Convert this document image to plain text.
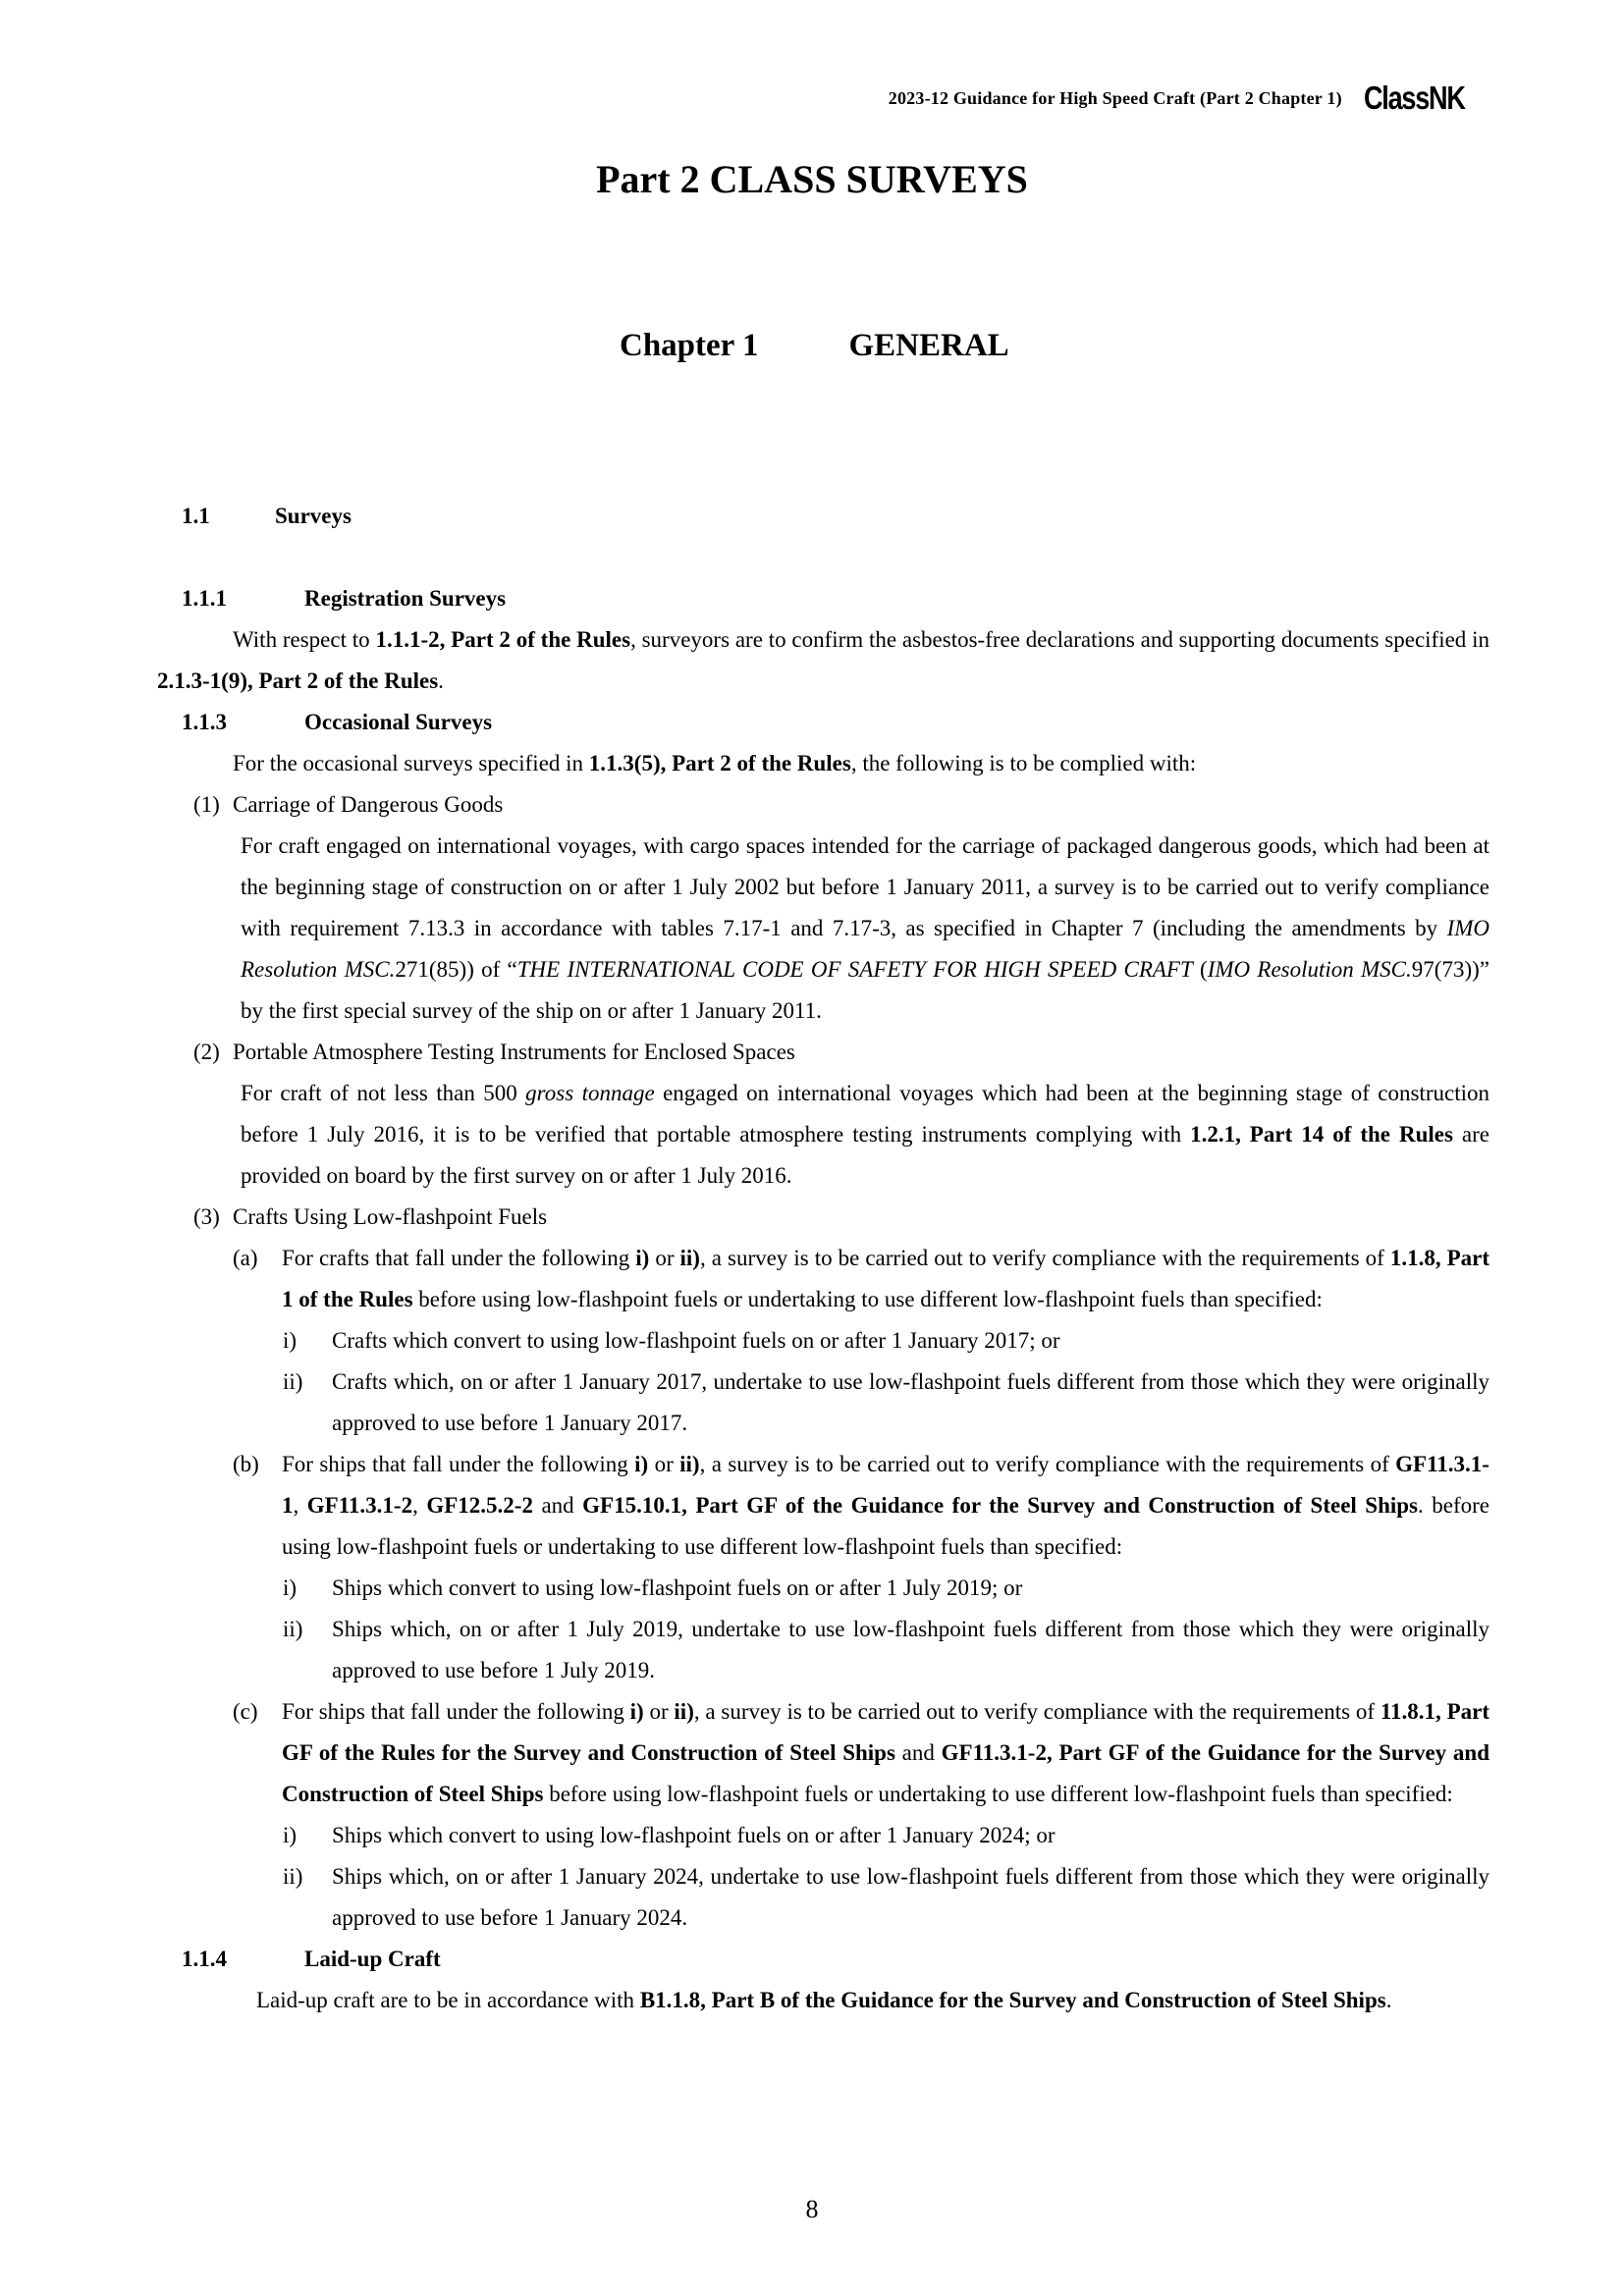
2023-12 Guidance for High Speed Craft (Part 2 Chapter 1) ClassNK
Part 2 CLASS SURVEYS
Chapter 1	GENERAL
1.1	Surveys
1.1.1	Registration Surveys
With respect to 1.1.1-2, Part 2 of the Rules, surveyors are to confirm the asbestos-free declarations and supporting documents specified in 2.1.3-1(9), Part 2 of the Rules.
1.1.3	Occasional Surveys
For the occasional surveys specified in 1.1.3(5), Part 2 of the Rules, the following is to be complied with:
(1) Carriage of Dangerous Goods
For craft engaged on international voyages, with cargo spaces intended for the carriage of packaged dangerous goods, which had been at the beginning stage of construction on or after 1 July 2002 but before 1 January 2011, a survey is to be carried out to verify compliance with requirement 7.13.3 in accordance with tables 7.17-1 and 7.17-3, as specified in Chapter 7 (including the amendments by IMO Resolution MSC.271(85)) of “THE INTERNATIONAL CODE OF SAFETY FOR HIGH SPEED CRAFT (IMO Resolution MSC.97(73))” by the first special survey of the ship on or after 1 January 2011.
(2) Portable Atmosphere Testing Instruments for Enclosed Spaces
For craft of not less than 500 gross tonnage engaged on international voyages which had been at the beginning stage of construction before 1 July 2016, it is to be verified that portable atmosphere testing instruments complying with 1.2.1, Part 14 of the Rules are provided on board by the first survey on or after 1 July 2016.
(3) Crafts Using Low-flashpoint Fuels
(a) For crafts that fall under the following i) or ii), a survey is to be carried out to verify compliance with the requirements of 1.1.8, Part 1 of the Rules before using low-flashpoint fuels or undertaking to use different low-flashpoint fuels than specified:
i) Crafts which convert to using low-flashpoint fuels on or after 1 January 2017; or
ii) Crafts which, on or after 1 January 2017, undertake to use low-flashpoint fuels different from those which they were originally approved to use before 1 January 2017.
(b) For ships that fall under the following i) or ii), a survey is to be carried out to verify compliance with the requirements of GF11.3.1-1, GF11.3.1-2, GF12.5.2-2 and GF15.10.1, Part GF of the Guidance for the Survey and Construction of Steel Ships. before using low-flashpoint fuels or undertaking to use different low-flashpoint fuels than specified:
i) Ships which convert to using low-flashpoint fuels on or after 1 July 2019; or
ii) Ships which, on or after 1 July 2019, undertake to use low-flashpoint fuels different from those which they were originally approved to use before 1 July 2019.
(c) For ships that fall under the following i) or ii), a survey is to be carried out to verify compliance with the requirements of 11.8.1, Part GF of the Rules for the Survey and Construction of Steel Ships and GF11.3.1-2, Part GF of the Guidance for the Survey and Construction of Steel Ships before using low-flashpoint fuels or undertaking to use different low-flashpoint fuels than specified:
i) Ships which convert to using low-flashpoint fuels on or after 1 January 2024; or
ii) Ships which, on or after 1 January 2024, undertake to use low-flashpoint fuels different from those which they were originally approved to use before 1 January 2024.
1.1.4	Laid-up Craft
Laid-up craft are to be in accordance with B1.1.8, Part B of the Guidance for the Survey and Construction of Steel Ships.
8
